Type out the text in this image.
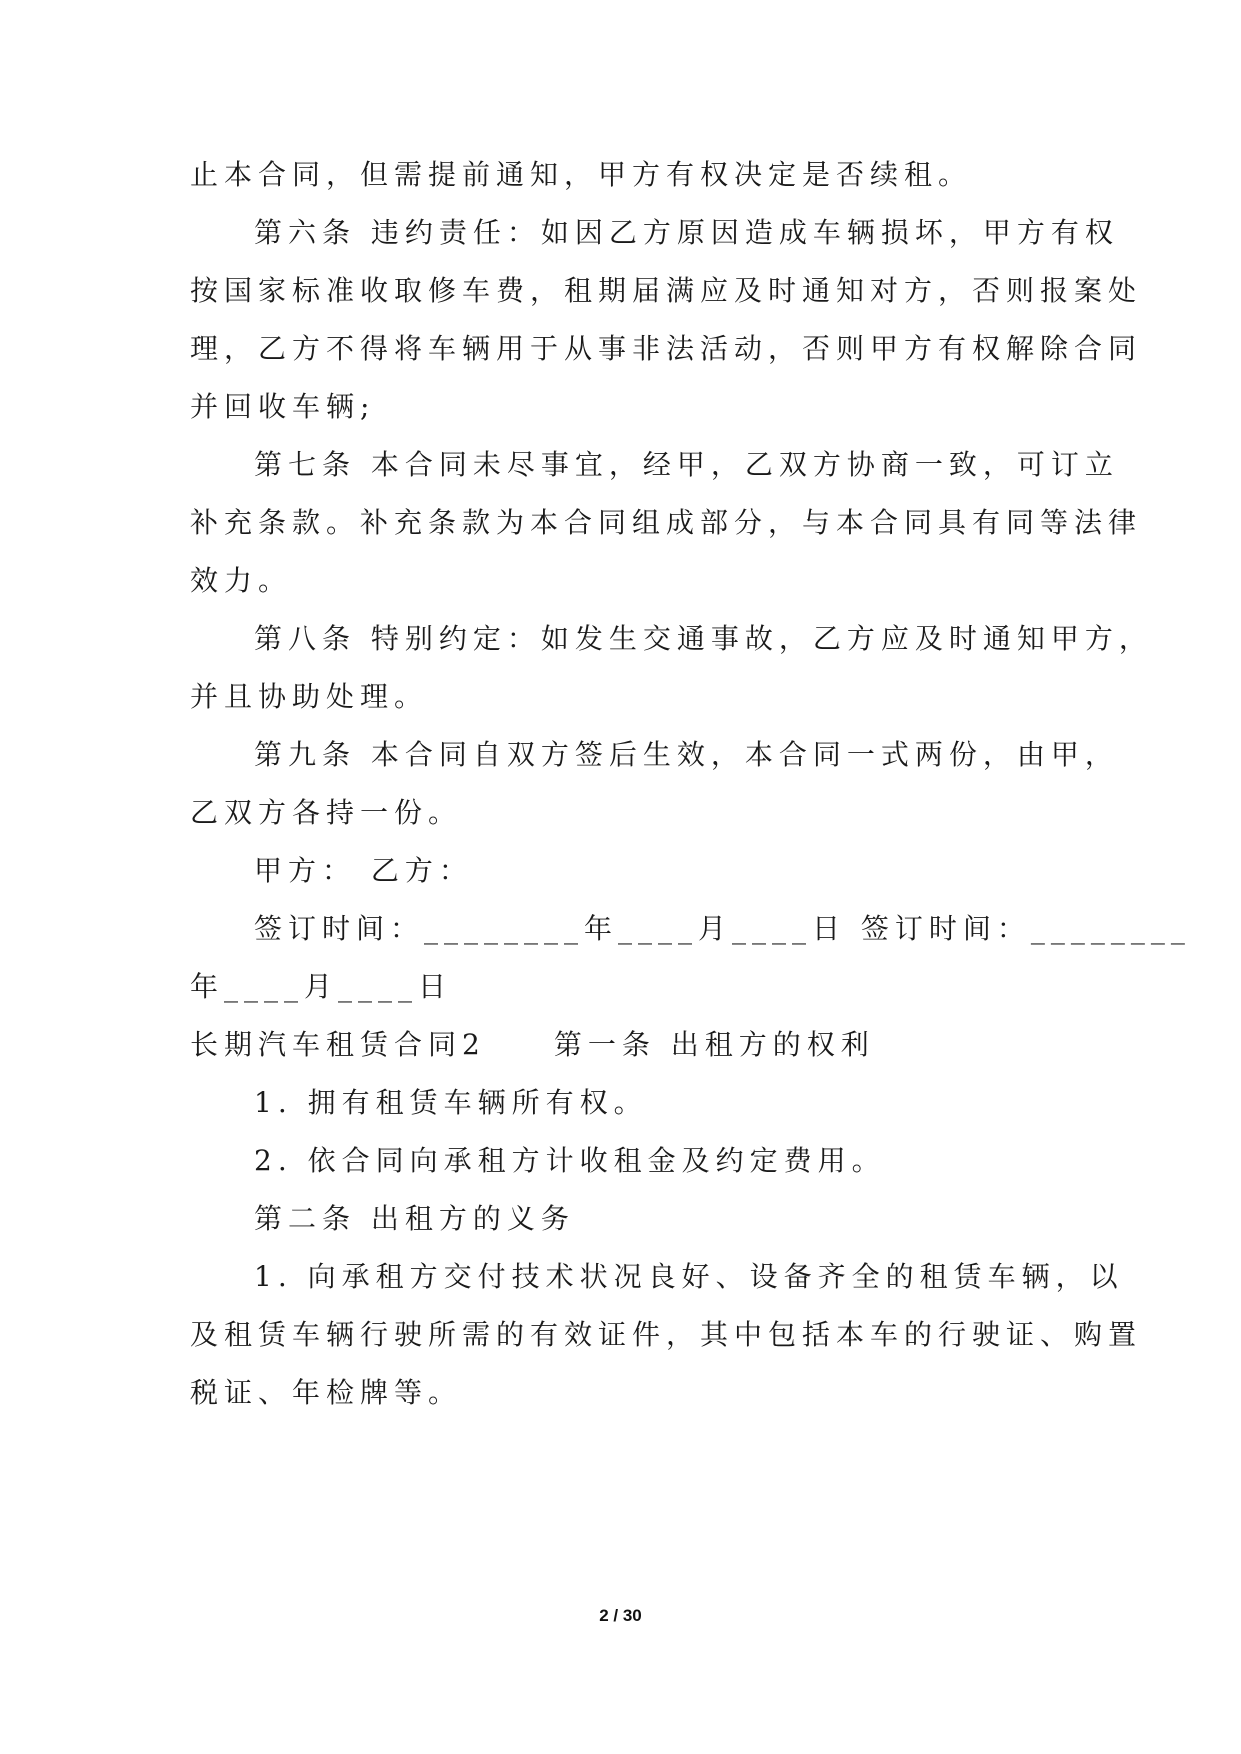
止本合同，但需提前通知，甲方有权决定是否续租。
第六条 违约责任：如因乙方原因造成车辆损坏，甲方有权
按国家标准收取修车费，租期届满应及时通知对方，否则报案处
理，乙方不得将车辆用于从事非法活动，否则甲方有权解除合同
并回收车辆;
第七条 本合同未尽事宜，经甲，乙双方协商一致，可订立
补充条款。补充条款为本合同组成部分，与本合同具有同等法律
效力。
第八条 特别约定：如发生交通事故，乙方应及时通知甲方，
并且协助处理。
第九条 本合同自双方签后生效，本合同一式两份，由甲，
乙双方各持一份。
甲方： 乙方：
签订时间：________年____月____日 签订时间：________
年____月____日
长期汽车租赁合同2　　第一条 出租方的权利
1. 拥有租赁车辆所有权。
2. 依合同向承租方计收租金及约定费用。
第二条 出租方的义务
1. 向承租方交付技术状况良好、设备齐全的租赁车辆，以
及租赁车辆行驶所需的有效证件，其中包括本车的行驶证、购置
税证、年检牌等。
2 / 30
